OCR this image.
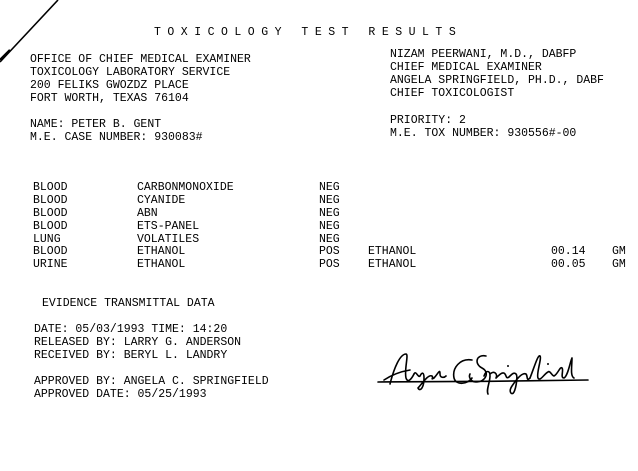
TOXICOLOGY TEST RESULTS
OFFICE OF CHIEF MEDICAL EXAMINER
TOXICOLOGY LABORATORY SERVICE
200 FELIKS GWOZDZ PLACE
FORT WORTH, TEXAS 76104
NIZAM PEERWANI, M.D., DABFP
CHIEF MEDICAL EXAMINER
ANGELA SPRINGFIELD, PH.D., DABF
CHIEF TOXICOLOGIST
NAME: PETER B. GENT
M.E. CASE NUMBER: 930083#
PRIORITY: 2
M.E. TOX NUMBER: 930556#-00
BLOOD	CARBONMONOXIDE	NEG
BLOOD	CYANIDE	NEG
BLOOD	ABN	NEG
BLOOD	ETS-PANEL	NEG
LUNG	VOLATILES	NEG
BLOOD	ETHANOL	POS ETHANOL	00.14 GM
URINE	ETHANOL	POS ETHANOL	00.05 GM
EVIDENCE TRANSMITTAL DATA
DATE: 05/03/1993 TIME: 14:20
RELEASED BY: LARRY G. ANDERSON
RECEIVED BY: BERYL L. LANDRY
APPROVED BY: ANGELA C. SPRINGFIELD
APPROVED DATE: 05/25/1993
